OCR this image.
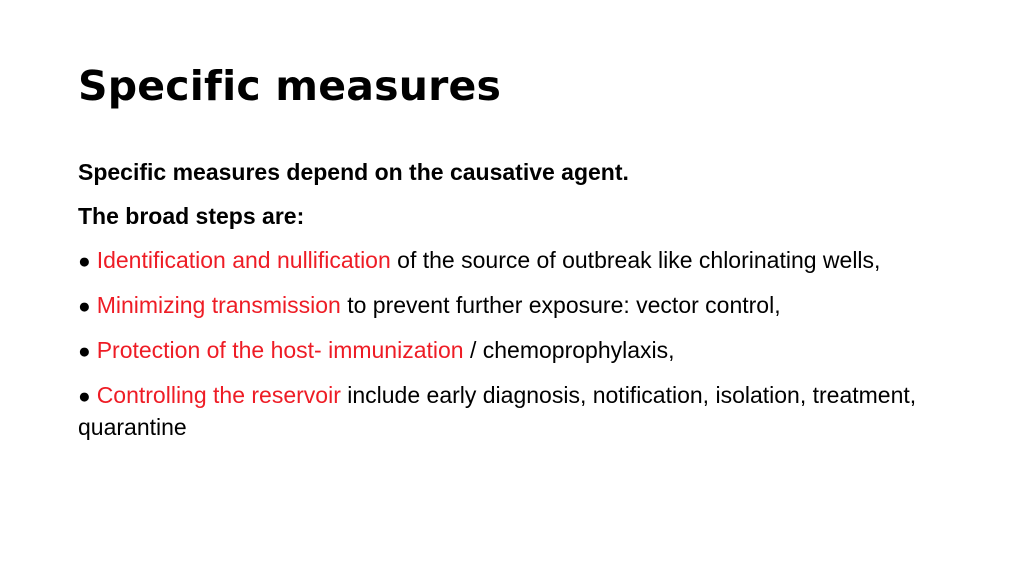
Specific measures

Specific measures depend on the causative agent.

The broad steps are:

● Identification and nullification of the source of outbreak like chlorinating wells,
● Minimizing transmission to prevent further exposure: vector control,
● Protection of the host- immunization / chemoprophylaxis,
● Controlling the reservoir include early diagnosis, notification, isolation, treatment, quarantine
